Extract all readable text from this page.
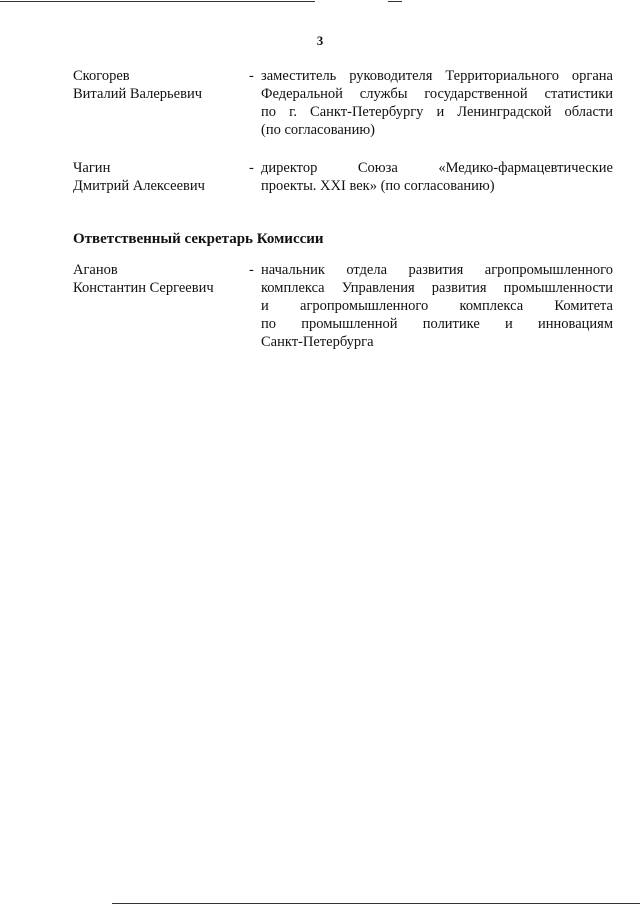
3
Скогорев
Виталий Валерьевич
- заместитель руководителя Территориального органа
Федеральной службы государственной статистики
по г. Санкт-Петербургу и Ленинградской области
(по согласованию)
Чагин
Дмитрий Алексеевич
- директор Союза «Медико-фармацевтические
проекты. XXI век» (по согласованию)
Ответственный секретарь Комиссии
Аганов
Константин Сергеевич
- начальник отдела развития агропромышленного
комплекса Управления развития промышленности
и агропромышленного комплекса Комитета
по промышленной политике и инновациям
Санкт-Петербурга
